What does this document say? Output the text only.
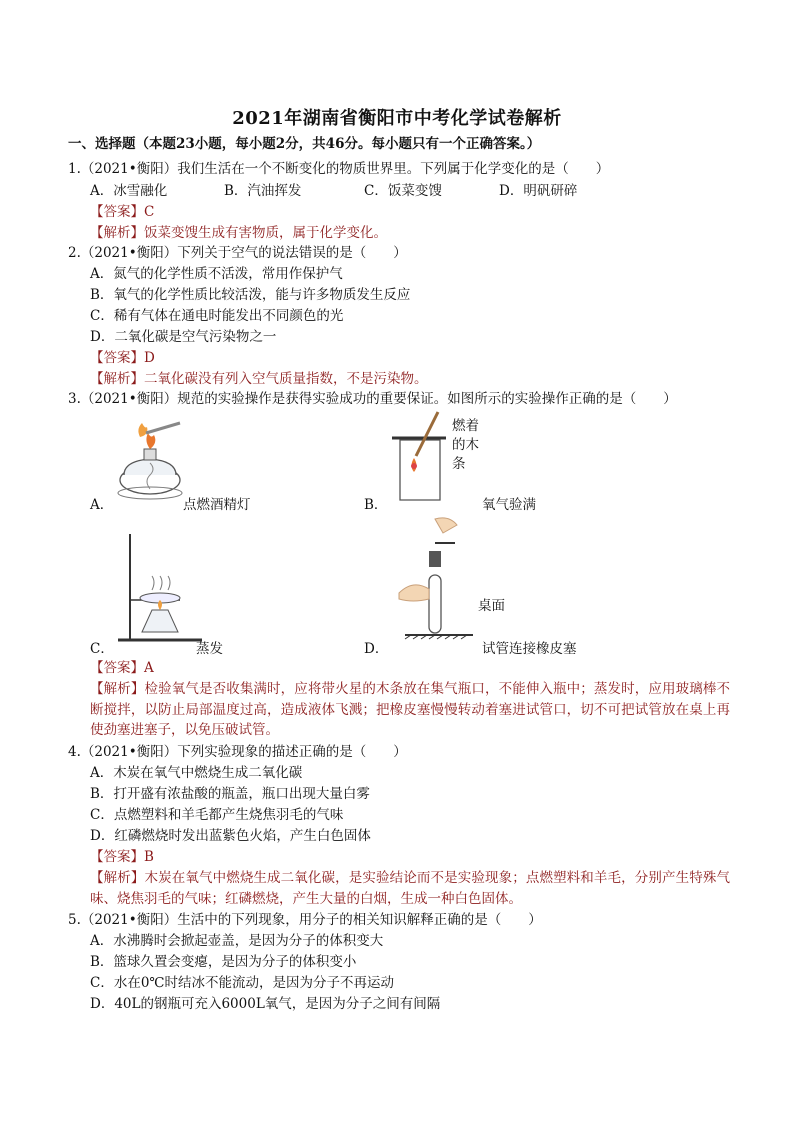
2021年湖南省衡阳市中考化学试卷解析
一、选择题（本题23小题，每小题2分，共46分。每小题只有一个正确答案。）
1.（2021•衡阳）我们生活在一个不断变化的物质世界里。下列属于化学变化的是（　　）
A．冰雪融化	B．汽油挥发	C．饭菜变馊	D．明矾研碎
【答案】C
【解析】饭菜变馊生成有害物质，属于化学变化。
2.（2021•衡阳）下列关于空气的说法错误的是（　　）
A．氮气的化学性质不活泼，常用作保护气
B．氧气的化学性质比较活泼，能与许多物质发生反应
C．稀有气体在通电时能发出不同颜色的光
D．二氧化碳是空气污染物之一
【答案】D
【解析】二氧化碳没有列入空气质量指数，不是污染物。
3.（2021•衡阳）规范的实验操作是获得实验成功的重要保证。如图所示的实验操作正确的是（　　）
A．	点燃酒精灯
燃着
的木
条
B．	氧气验满
C．	蒸发
桌面
D．	试管连接橡皮塞
【答案】A
【解析】检验氧气是否收集满时，应将带火星的木条放在集气瓶口，不能伸入瓶中；蒸发时，应用玻璃棒不断搅拌，以防止局部温度过高，造成液体飞溅；把橡皮塞慢慢转动着塞进试管口，切不可把试管放在桌上再使劲塞进塞子，以免压破试管。
4.（2021•衡阳）下列实验现象的描述正确的是（　　）
A．木炭在氧气中燃烧生成二氧化碳
B．打开盛有浓盐酸的瓶盖，瓶口出现大量白雾
C．点燃塑料和羊毛都产生烧焦羽毛的气味
D．红磷燃烧时发出蓝紫色火焰，产生白色固体
【答案】B
【解析】木炭在氧气中燃烧生成二氧化碳，是实验结论而不是实验现象；点燃塑料和羊毛，分别产生特殊气味、烧焦羽毛的气味；红磷燃烧，产生大量的白烟，生成一种白色固体。
5.（2021•衡阳）生活中的下列现象，用分子的相关知识解释正确的是（　　）
A．水沸腾时会掀起壶盖，是因为分子的体积变大
B．篮球久置会变瘪，是因为分子的体积变小
C．水在0℃时结冰不能流动，是因为分子不再运动
D．40L的钢瓶可充入6000L氧气，是因为分子之间有间隔
